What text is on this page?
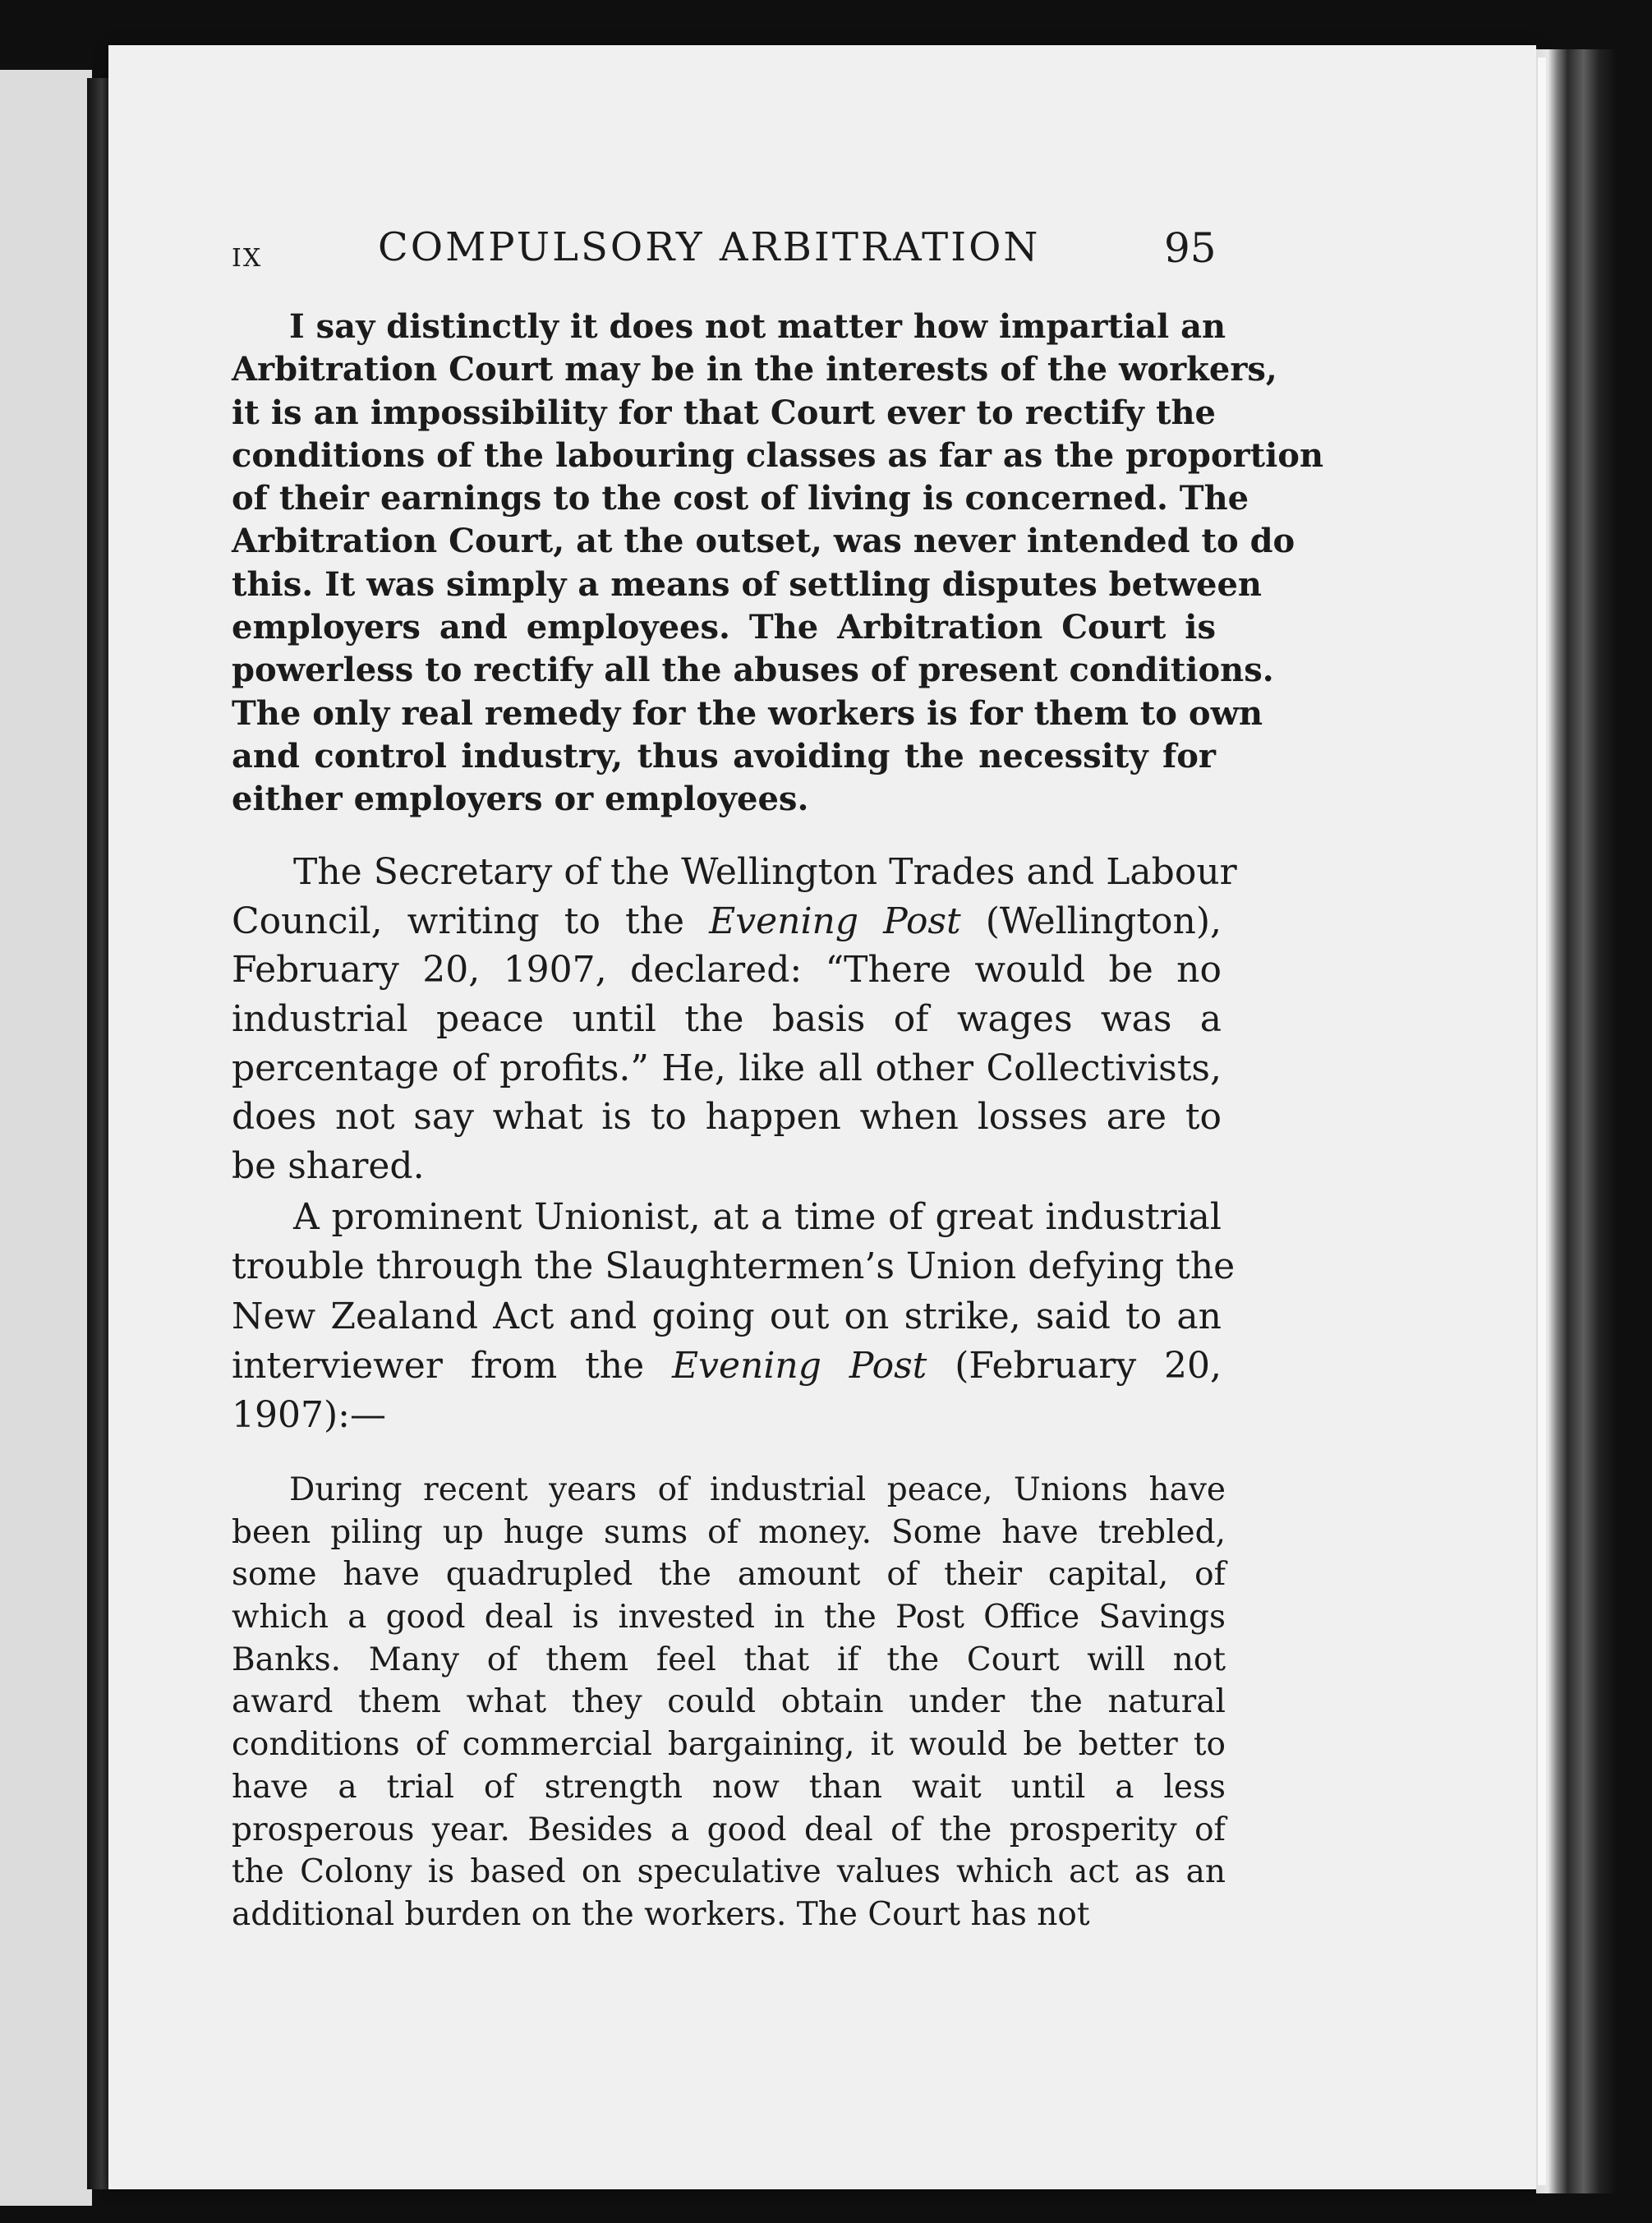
IX	COMPULSORY ARBITRATION	95
I say distinctly it does not matter how impartial an
Arbitration Court may be in the interests of the workers,
it is an impossibility for that Court ever to rectify the
conditions of the labouring classes as far as the proportion
of their earnings to the cost of living is concerned. The
Arbitration Court, at the outset, was never intended to do
this. It was simply a means of settling disputes between
employers and employees. The Arbitration Court is
powerless to rectify all the abuses of present conditions.
The only real remedy for the workers is for them to own
and control industry, thus avoiding the necessity for
either employers or employees.
The Secretary of the Wellington Trades and Labour
Council, writing to the Evening Post (Wellington),
February 20, 1907, declared: “There would be no
industrial peace until the basis of wages was a
percentage of profits.” He, like all other Collectivists,
does not say what is to happen when losses are to
be shared.
A prominent Unionist, at a time of great industrial
trouble through the Slaughtermen’s Union defying the
New Zealand Act and going out on strike, said to an
interviewer from the Evening Post (February 20,
1907):—
During recent years of industrial peace, Unions have
been piling up huge sums of money. Some have trebled,
some have quadrupled the amount of their capital, of
which a good deal is invested in the Post Office Savings
Banks. Many of them feel that if the Court will not
award them what they could obtain under the natural
conditions of commercial bargaining, it would be better to
have a trial of strength now than wait until a less
prosperous year. Besides a good deal of the prosperity of
the Colony is based on speculative values which act as an
additional burden on the workers. The Court has not
